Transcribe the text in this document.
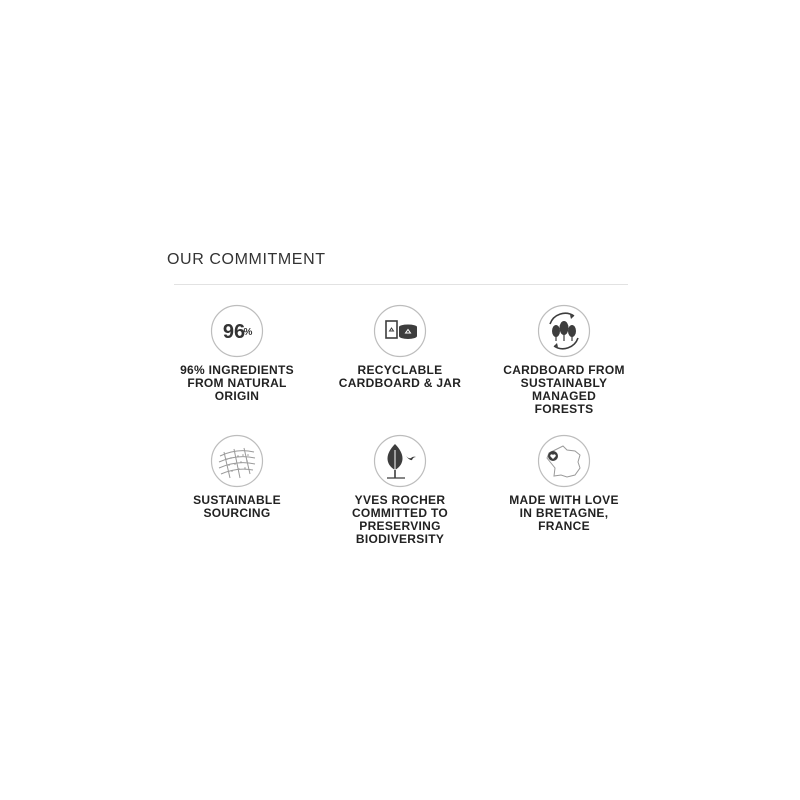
OUR COMMITMENT
96
%
96% INGREDIENTS
FROM NATURAL
ORIGIN
RECYCLABLE
CARDBOARD & JAR
CARDBOARD FROM
SUSTAINABLY
MANAGED
FORESTS
SUSTAINABLE
SOURCING
YVES ROCHER
COMMITTED TO
PRESERVING
BIODIVERSITY
MADE WITH LOVE
IN BRETAGNE,
FRANCE
